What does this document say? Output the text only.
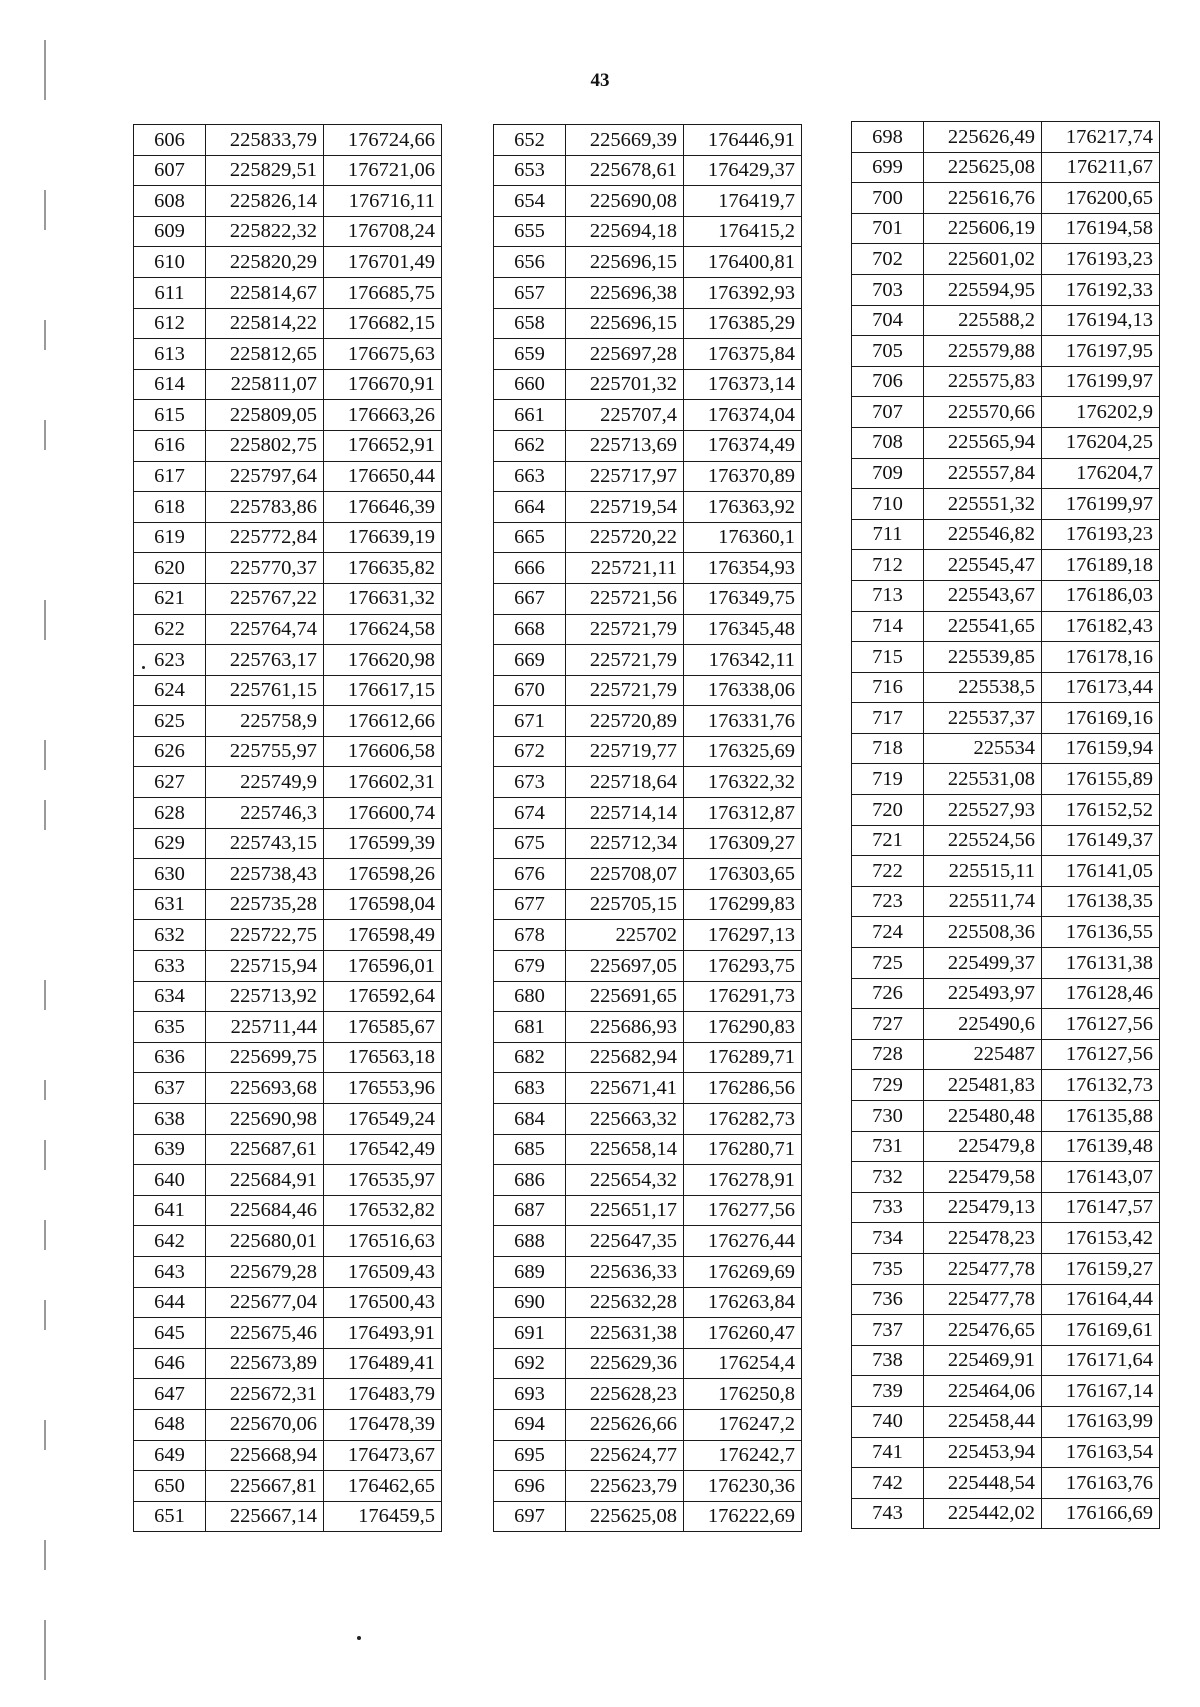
43
606	225833,79	176724,66
607	225829,51	176721,06
608	225826,14	176716,11
609	225822,32	176708,24
610	225820,29	176701,49
611	225814,67	176685,75
612	225814,22	176682,15
613	225812,65	176675,63
614	225811,07	176670,91
615	225809,05	176663,26
616	225802,75	176652,91
617	225797,64	176650,44
618	225783,86	176646,39
619	225772,84	176639,19
620	225770,37	176635,82
621	225767,22	176631,32
622	225764,74	176624,58
623	225763,17	176620,98
624	225761,15	176617,15
625	225758,9	176612,66
626	225755,97	176606,58
627	225749,9	176602,31
628	225746,3	176600,74
629	225743,15	176599,39
630	225738,43	176598,26
631	225735,28	176598,04
632	225722,75	176598,49
633	225715,94	176596,01
634	225713,92	176592,64
635	225711,44	176585,67
636	225699,75	176563,18
637	225693,68	176553,96
638	225690,98	176549,24
639	225687,61	176542,49
640	225684,91	176535,97
641	225684,46	176532,82
642	225680,01	176516,63
643	225679,28	176509,43
644	225677,04	176500,43
645	225675,46	176493,91
646	225673,89	176489,41
647	225672,31	176483,79
648	225670,06	176478,39
649	225668,94	176473,67
650	225667,81	176462,65
651	225667,14	176459,5
652	225669,39	176446,91
653	225678,61	176429,37
654	225690,08	176419,7
655	225694,18	176415,2
656	225696,15	176400,81
657	225696,38	176392,93
658	225696,15	176385,29
659	225697,28	176375,84
660	225701,32	176373,14
661	225707,4	176374,04
662	225713,69	176374,49
663	225717,97	176370,89
664	225719,54	176363,92
665	225720,22	176360,1
666	225721,11	176354,93
667	225721,56	176349,75
668	225721,79	176345,48
669	225721,79	176342,11
670	225721,79	176338,06
671	225720,89	176331,76
672	225719,77	176325,69
673	225718,64	176322,32
674	225714,14	176312,87
675	225712,34	176309,27
676	225708,07	176303,65
677	225705,15	176299,83
678	225702	176297,13
679	225697,05	176293,75
680	225691,65	176291,73
681	225686,93	176290,83
682	225682,94	176289,71
683	225671,41	176286,56
684	225663,32	176282,73
685	225658,14	176280,71
686	225654,32	176278,91
687	225651,17	176277,56
688	225647,35	176276,44
689	225636,33	176269,69
690	225632,28	176263,84
691	225631,38	176260,47
692	225629,36	176254,4
693	225628,23	176250,8
694	225626,66	176247,2
695	225624,77	176242,7
696	225623,79	176230,36
697	225625,08	176222,69
698	225626,49	176217,74
699	225625,08	176211,67
700	225616,76	176200,65
701	225606,19	176194,58
702	225601,02	176193,23
703	225594,95	176192,33
704	225588,2	176194,13
705	225579,88	176197,95
706	225575,83	176199,97
707	225570,66	176202,9
708	225565,94	176204,25
709	225557,84	176204,7
710	225551,32	176199,97
711	225546,82	176193,23
712	225545,47	176189,18
713	225543,67	176186,03
714	225541,65	176182,43
715	225539,85	176178,16
716	225538,5	176173,44
717	225537,37	176169,16
718	225534	176159,94
719	225531,08	176155,89
720	225527,93	176152,52
721	225524,56	176149,37
722	225515,11	176141,05
723	225511,74	176138,35
724	225508,36	176136,55
725	225499,37	176131,38
726	225493,97	176128,46
727	225490,6	176127,56
728	225487	176127,56
729	225481,83	176132,73
730	225480,48	176135,88
731	225479,8	176139,48
732	225479,58	176143,07
733	225479,13	176147,57
734	225478,23	176153,42
735	225477,78	176159,27
736	225477,78	176164,44
737	225476,65	176169,61
738	225469,91	176171,64
739	225464,06	176167,14
740	225458,44	176163,99
741	225453,94	176163,54
742	225448,54	176163,76
743	225442,02	176166,69
